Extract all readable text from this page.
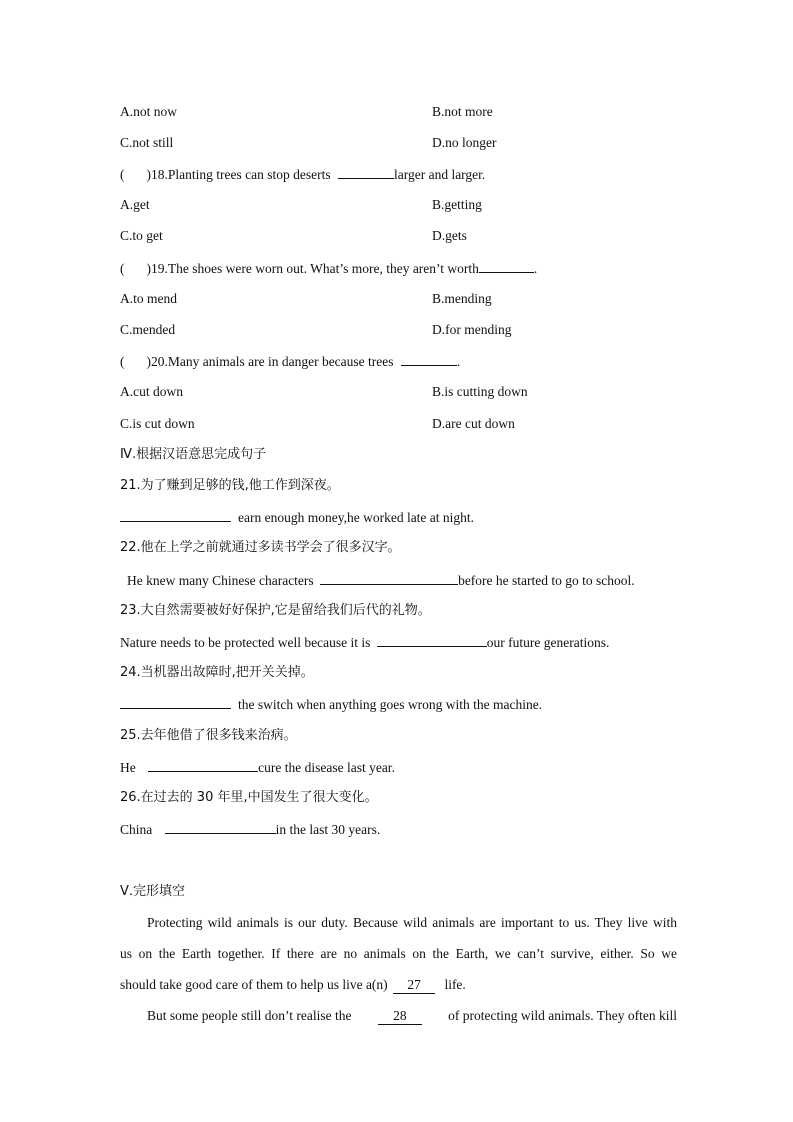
A.not now	B.not more
C.not still	D.no longer
( )18.Planting trees can stop deserts	larger and larger.
A.get	B.getting
C.to get	D.gets
( )19.The shoes were worn out. What’s more, they aren’t worth	.
A.to mend	B.mending
C.mended	D.for mending
( )20.Many animals are in danger because trees	.
A.cut down	B.is cutting down
C.is cut down	D.are cut down
Ⅳ.根据汉语意思完成句子
21.为了赚到足够的钱,他工作到深夜。
earn enough money,he worked late at night.
22.他在上学之前就通过多读书学会了很多汉字。
He knew many Chinese characters	before he started to go to school.
23.大自然需要被好好保护,它是留给我们后代的礼物。
Nature needs to be protected well because it is	our future generations.
24.当机器出故障时,把开关关掉。
the switch when anything goes wrong with the machine.
25.去年他借了很多钱来治病。
He	cure the disease last year.
26.在过去的 30 年里,中国发生了很大变化。
China	in the last 30 years.
Ⅴ.完形填空
Protecting wild animals is our duty. Because wild animals are important to us. They live with
us on the Earth together. If there are no animals on the Earth, we can’t survive, either. So we
should take good care of them to help us live a(n) 27 life.
But some people still don’t realise the	28	of protecting wild animals. They often kill
